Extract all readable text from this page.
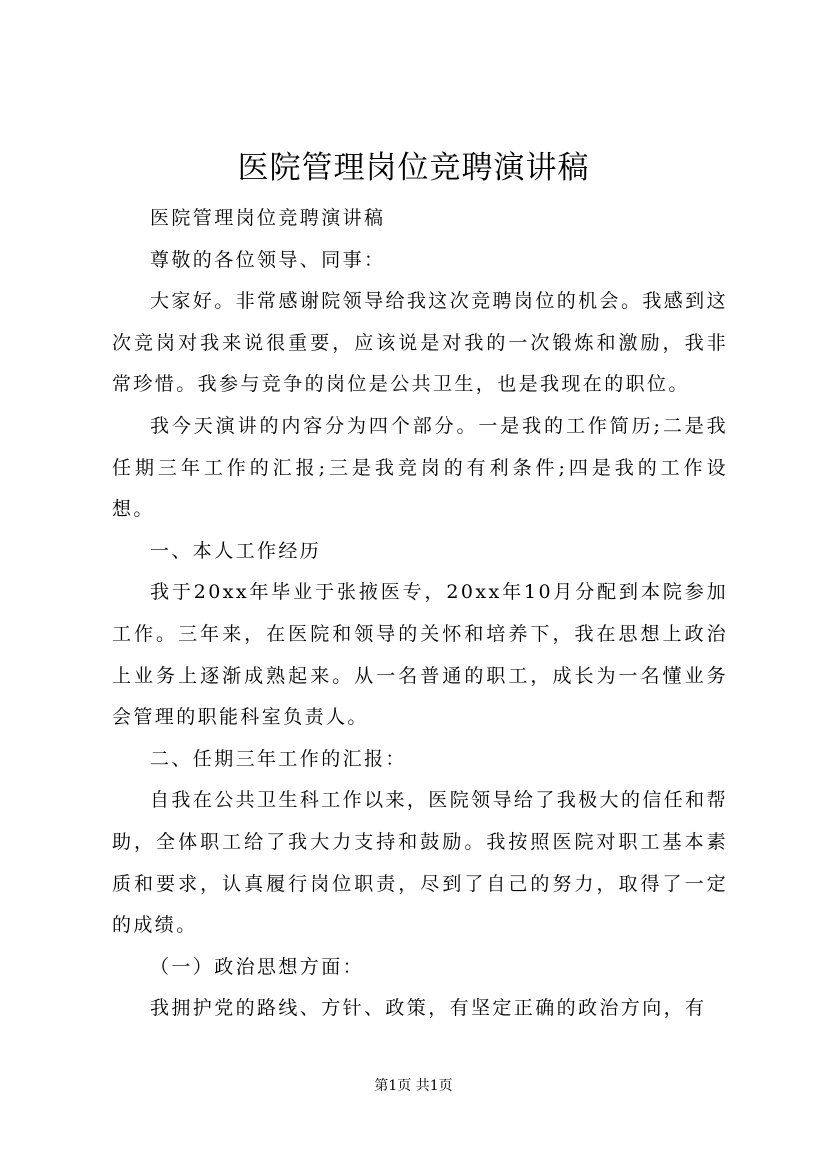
医院管理岗位竞聘演讲稿

医院管理岗位竞聘演讲稿

尊敬的各位领导、同事：

大家好。非常感谢院领导给我这次竞聘岗位的机会。我感到这次竞岗对我来说很重要，应该说是对我的一次锻炼和激励，我非常珍惜。我参与竞争的岗位是公共卫生，也是我现在的职位。

我今天演讲的内容分为四个部分。一是我的工作简历;二是我任期三年工作的汇报;三是我竞岗的有利条件;四是我的工作设想。

一、本人工作经历

我于20xx年毕业于张掖医专，20xx年10月分配到本院参加工作。三年来，在医院和领导的关怀和培养下，我在思想上政治上业务上逐渐成熟起来。从一名普通的职工，成长为一名懂业务会管理的职能科室负责人。

二、任期三年工作的汇报：

自我在公共卫生科工作以来，医院领导给了我极大的信任和帮助，全体职工给了我大力支持和鼓励。我按照医院对职工基本素质和要求，认真履行岗位职责，尽到了自己的努力，取得了一定的成绩。

（一）政治思想方面：

我拥护党的路线、方针、政策，有坚定正确的政治方向，有

第1页 共1页
